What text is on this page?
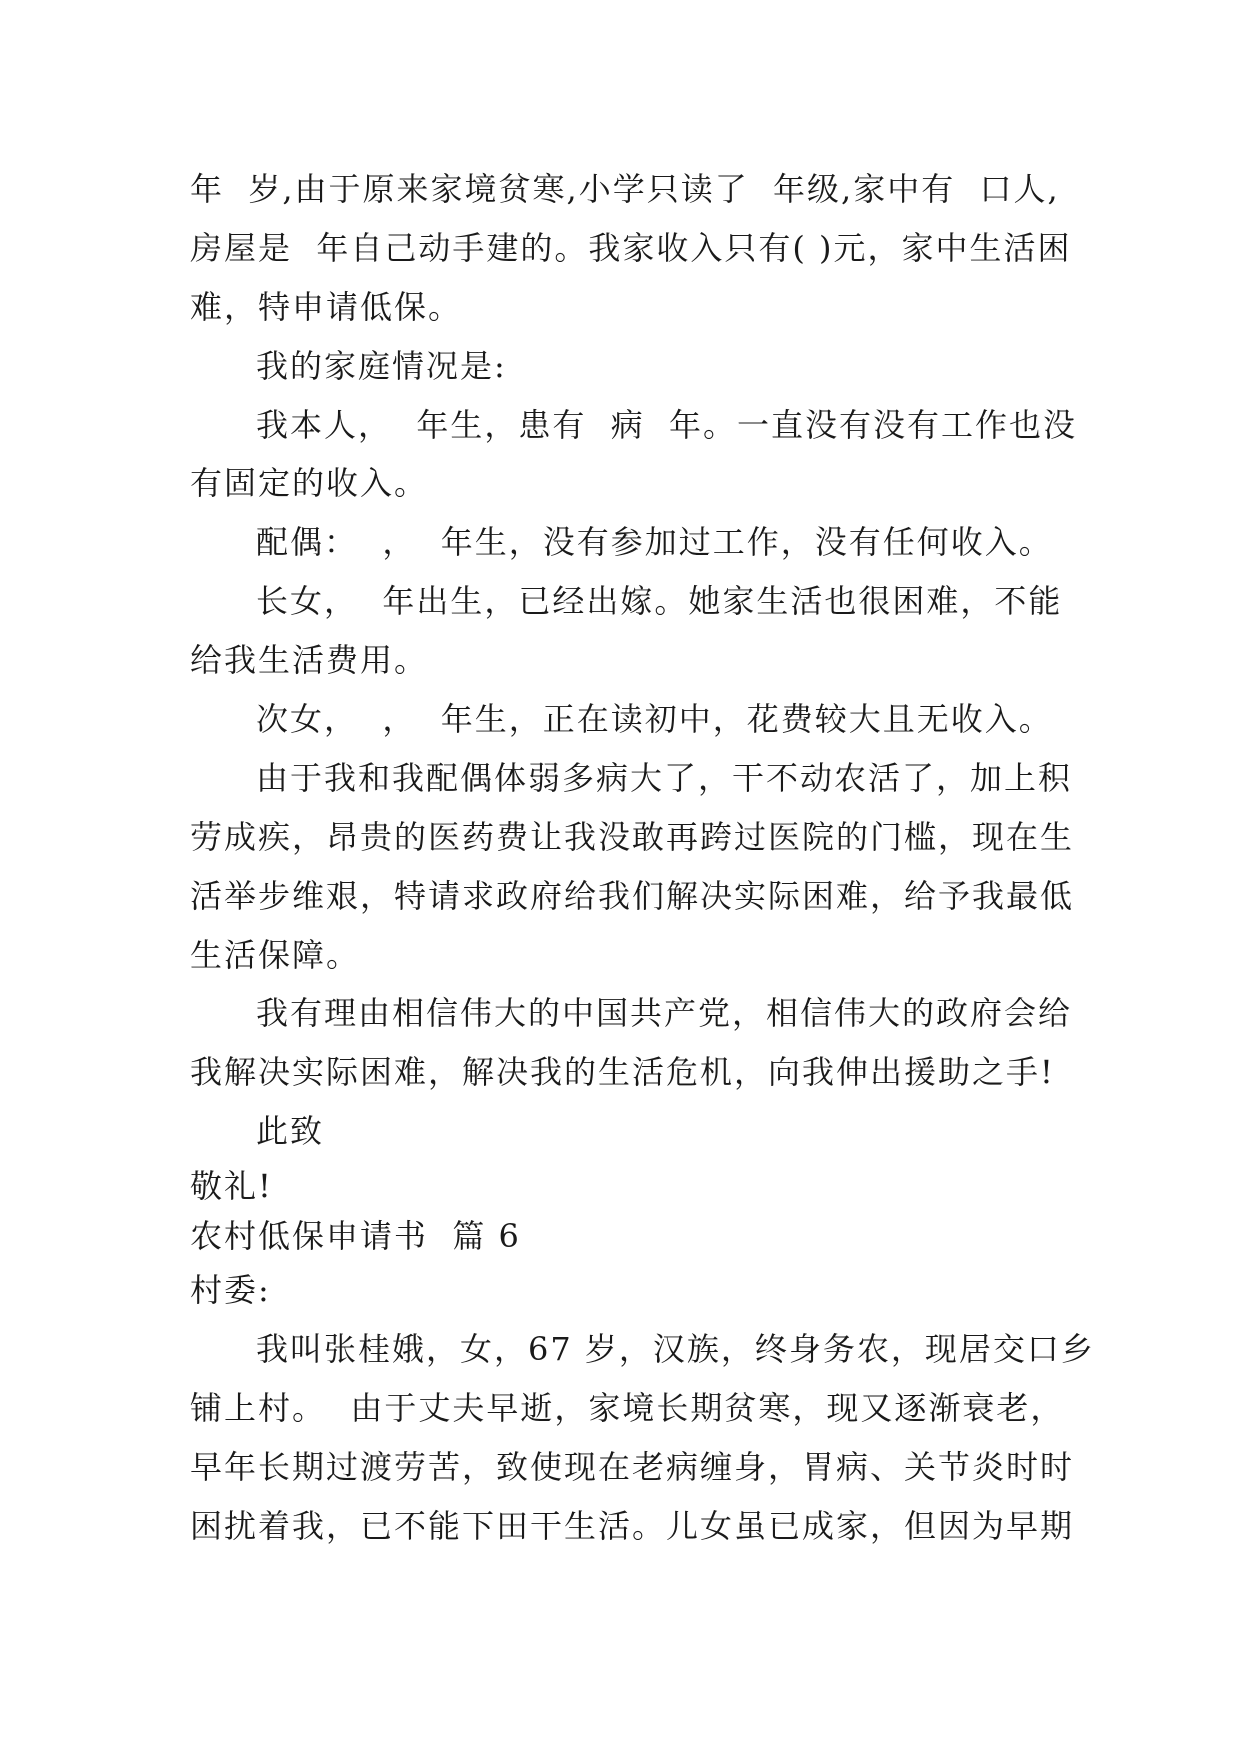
年  岁,由于原来家境贫寒,小学只读了  年级,家中有  口人,
房屋是  年自己动手建的。我家收入只有( )元，家中生活困
难，特申请低保。
我的家庭情况是:
我本人，  年生，患有  病  年。一直没有没有工作也没
有固定的收入。
配偶：  ，  年生，没有参加过工作，没有任何收入。
长女，  年出生，已经出嫁。她家生活也很困难，不能
给我生活费用。
次女，  ，  年生，正在读初中，花费较大且无收入。
由于我和我配偶体弱多病大了，干不动农活了，加上积
劳成疾，昂贵的医药费让我没敢再跨过医院的门槛，现在生
活举步维艰，特请求政府给我们解决实际困难，给予我最低
生活保障。
我有理由相信伟大的中国共产党，相信伟大的政府会给
我解决实际困难，解决我的生活危机，向我伸出援助之手!
此致
敬礼!
农村低保申请书  篇 6
村委:
我叫张桂娥，女，67 岁，汉族，终身务农，现居交口乡
铺上村。  由于丈夫早逝，家境长期贫寒，现又逐渐衰老，
早年长期过渡劳苦，致使现在老病缠身，胃病、关节炎时时
困扰着我，已不能下田干生活。儿女虽已成家，但因为早期
